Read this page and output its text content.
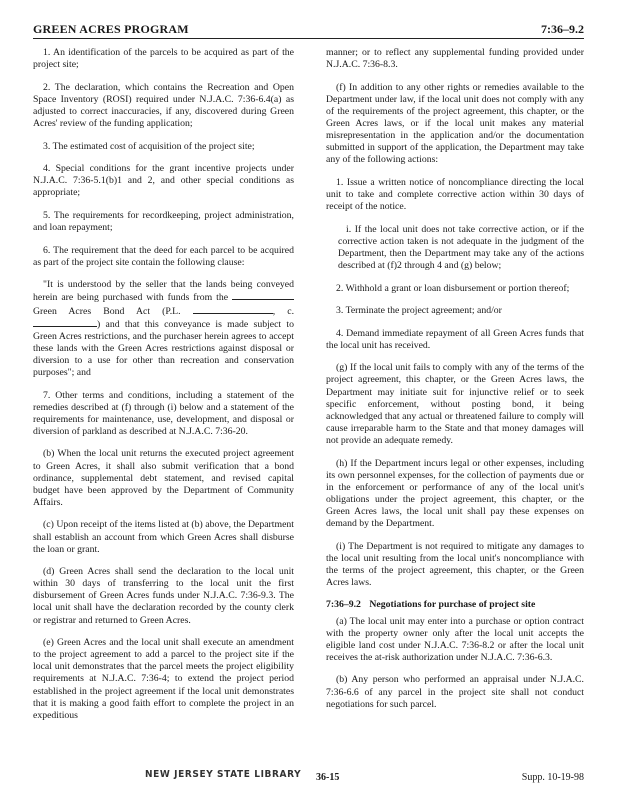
GREEN ACRES PROGRAM	7:36–9.2

1. An identification of the parcels to be acquired as part of the project site;

2. The declaration, which contains the Recreation and Open Space Inventory (ROSI) required under N.J.A.C. 7:36-6.4(a) as adjusted to correct inaccuracies, if any, discovered during Green Acres' review of the funding application;

3. The estimated cost of acquisition of the project site;

4. Special conditions for the grant incentive projects under N.J.A.C. 7:36-5.1(b)1 and 2, and other special conditions as appropriate;

5. The requirements for recordkeeping, project administration, and loan repayment;

6. The requirement that the deed for each parcel to be acquired as part of the project site contain the following clause:

"It is understood by the seller that the lands being conveyed herein are being purchased with funds from the  Green Acres Bond Act (P.L.	, c. ) and that this conveyance is made subject to Green Acres restrictions, and the purchaser herein agrees to accept these lands with the Green Acres restrictions against disposal or diversion to a use for other than recreation and conservation purposes"; and

7. Other terms and conditions, including a statement of the remedies described at (f) through (i) below and a statement of the requirements for maintenance, use, development, and disposal or diversion of parkland as described at N.J.A.C. 7:36-20.

(b) When the local unit returns the executed project agreement to Green Acres, it shall also submit verification that a bond ordinance, supplemental debt statement, and revised capital budget have been approved by the Department of Community Affairs.

(c) Upon receipt of the items listed at (b) above, the Department shall establish an account from which Green Acres shall disburse the loan or grant.

(d) Green Acres shall send the declaration to the local unit within 30 days of transferring to the local unit the first disbursement of Green Acres funds under N.J.A.C. 7:36-9.3. The local unit shall have the declaration recorded by the county clerk or registrar and returned to Green Acres.

(e) Green Acres and the local unit shall execute an amendment to the project agreement to add a parcel to the project site if the local unit demonstrates that the parcel meets the project eligibility requirements at N.J.A.C. 7:36-4; to extend the project period established in the project agreement if the local unit demonstrates that it is making a good faith effort to complete the project in an expeditious

manner; or to reflect any supplemental funding provided under N.J.A.C. 7:36-8.3.

(f) In addition to any other rights or remedies available to the Department under law, if the local unit does not comply with any of the requirements of the project agreement, this chapter, or the Green Acres laws, or if the local unit makes any material misrepresentation in the application and/or the documentation submitted in support of the application, the Department may take any of the following actions:

1. Issue a written notice of noncompliance directing the local unit to take and complete corrective action within 30 days of receipt of the notice.

i. If the local unit does not take corrective action, or if the corrective action taken is not adequate in the judgment of the Department, then the Department may take any of the actions described at (f)2 through 4 and (g) below;

2. Withhold a grant or loan disbursement or portion thereof;

3. Terminate the project agreement; and/or

4. Demand immediate repayment of all Green Acres funds that the local unit has received.

(g) If the local unit fails to comply with any of the terms of the project agreement, this chapter, or the Green Acres laws, the Department may initiate suit for injunctive relief or to seek specific enforcement, without posting bond, it being acknowledged that any actual or threatened failure to comply will cause irreparable harm to the State and that money damages will not provide an adequate remedy.

(h) If the Department incurs legal or other expenses, including its own personnel expenses, for the collection of payments due or in the enforcement or performance of any of the local unit's obligations under the project agreement, this chapter, or the Green Acres laws, the local unit shall pay these expenses on demand by the Department.

(i) The Department is not required to mitigate any damages to the local unit resulting from the local unit's noncompliance with the terms of the project agreement, this chapter, or the Green Acres laws.

7:36–9.2 Negotiations for purchase of project site

(a) The local unit may enter into a purchase or option contract with the property owner only after the local unit accepts the eligible land cost under N.J.A.C. 7:36-8.2 or after the local unit receives the at-risk authorization under N.J.A.C. 7:36-6.3.

(b) Any person who performed an appraisal under N.J.A.C. 7:36-6.6 of any parcel in the project site shall not conduct negotiations for such parcel.

NEW JERSEY STATE LIBRARY 36-15	Supp. 10-19-98
